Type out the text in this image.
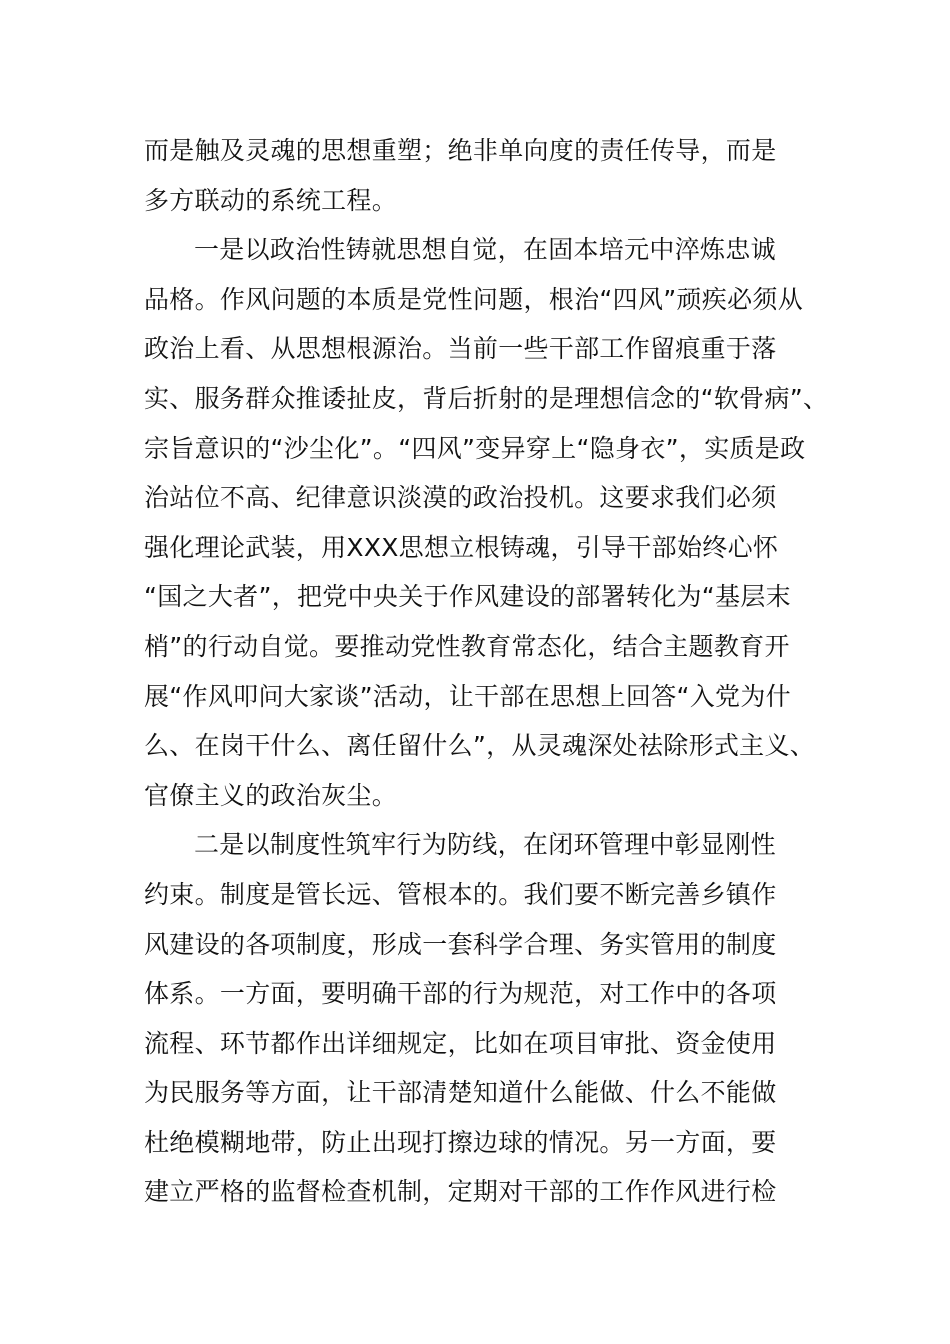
而是触及灵魂的思想重塑；绝非单向度的责任传导，而是
多方联动的系统工程。
一是以政治性铸就思想自觉，在固本培元中淬炼忠诚
品格。作风问题的本质是党性问题，根治“四风”顽疾必须从
政治上看、从思想根源治。当前一些干部工作留痕重于落
实、服务群众推诿扯皮，背后折射的是理想信念的“软骨病”、
宗旨意识的“沙尘化”。“四风”变异穿上“隐身衣”，实质是政
治站位不高、纪律意识淡漠的政治投机。这要求我们必须
强化理论武装，用XXX思想立根铸魂，引导干部始终心怀
“国之大者”，把党中央关于作风建设的部署转化为“基层末
梢”的行动自觉。要推动党性教育常态化，结合主题教育开
展“作风叩问大家谈”活动，让干部在思想上回答“入党为什
么、在岗干什么、离任留什么”，从灵魂深处祛除形式主义、
官僚主义的政治灰尘。
二是以制度性筑牢行为防线，在闭环管理中彰显刚性
约束。制度是管长远、管根本的。我们要不断完善乡镇作
风建设的各项制度，形成一套科学合理、务实管用的制度
体系。一方面，要明确干部的行为规范，对工作中的各项
流程、环节都作出详细规定，比如在项目审批、资金使用
为民服务等方面，让干部清楚知道什么能做、什么不能做
杜绝模糊地带，防止出现打擦边球的情况。另一方面，要
建立严格的监督检查机制，定期对干部的工作作风进行检
